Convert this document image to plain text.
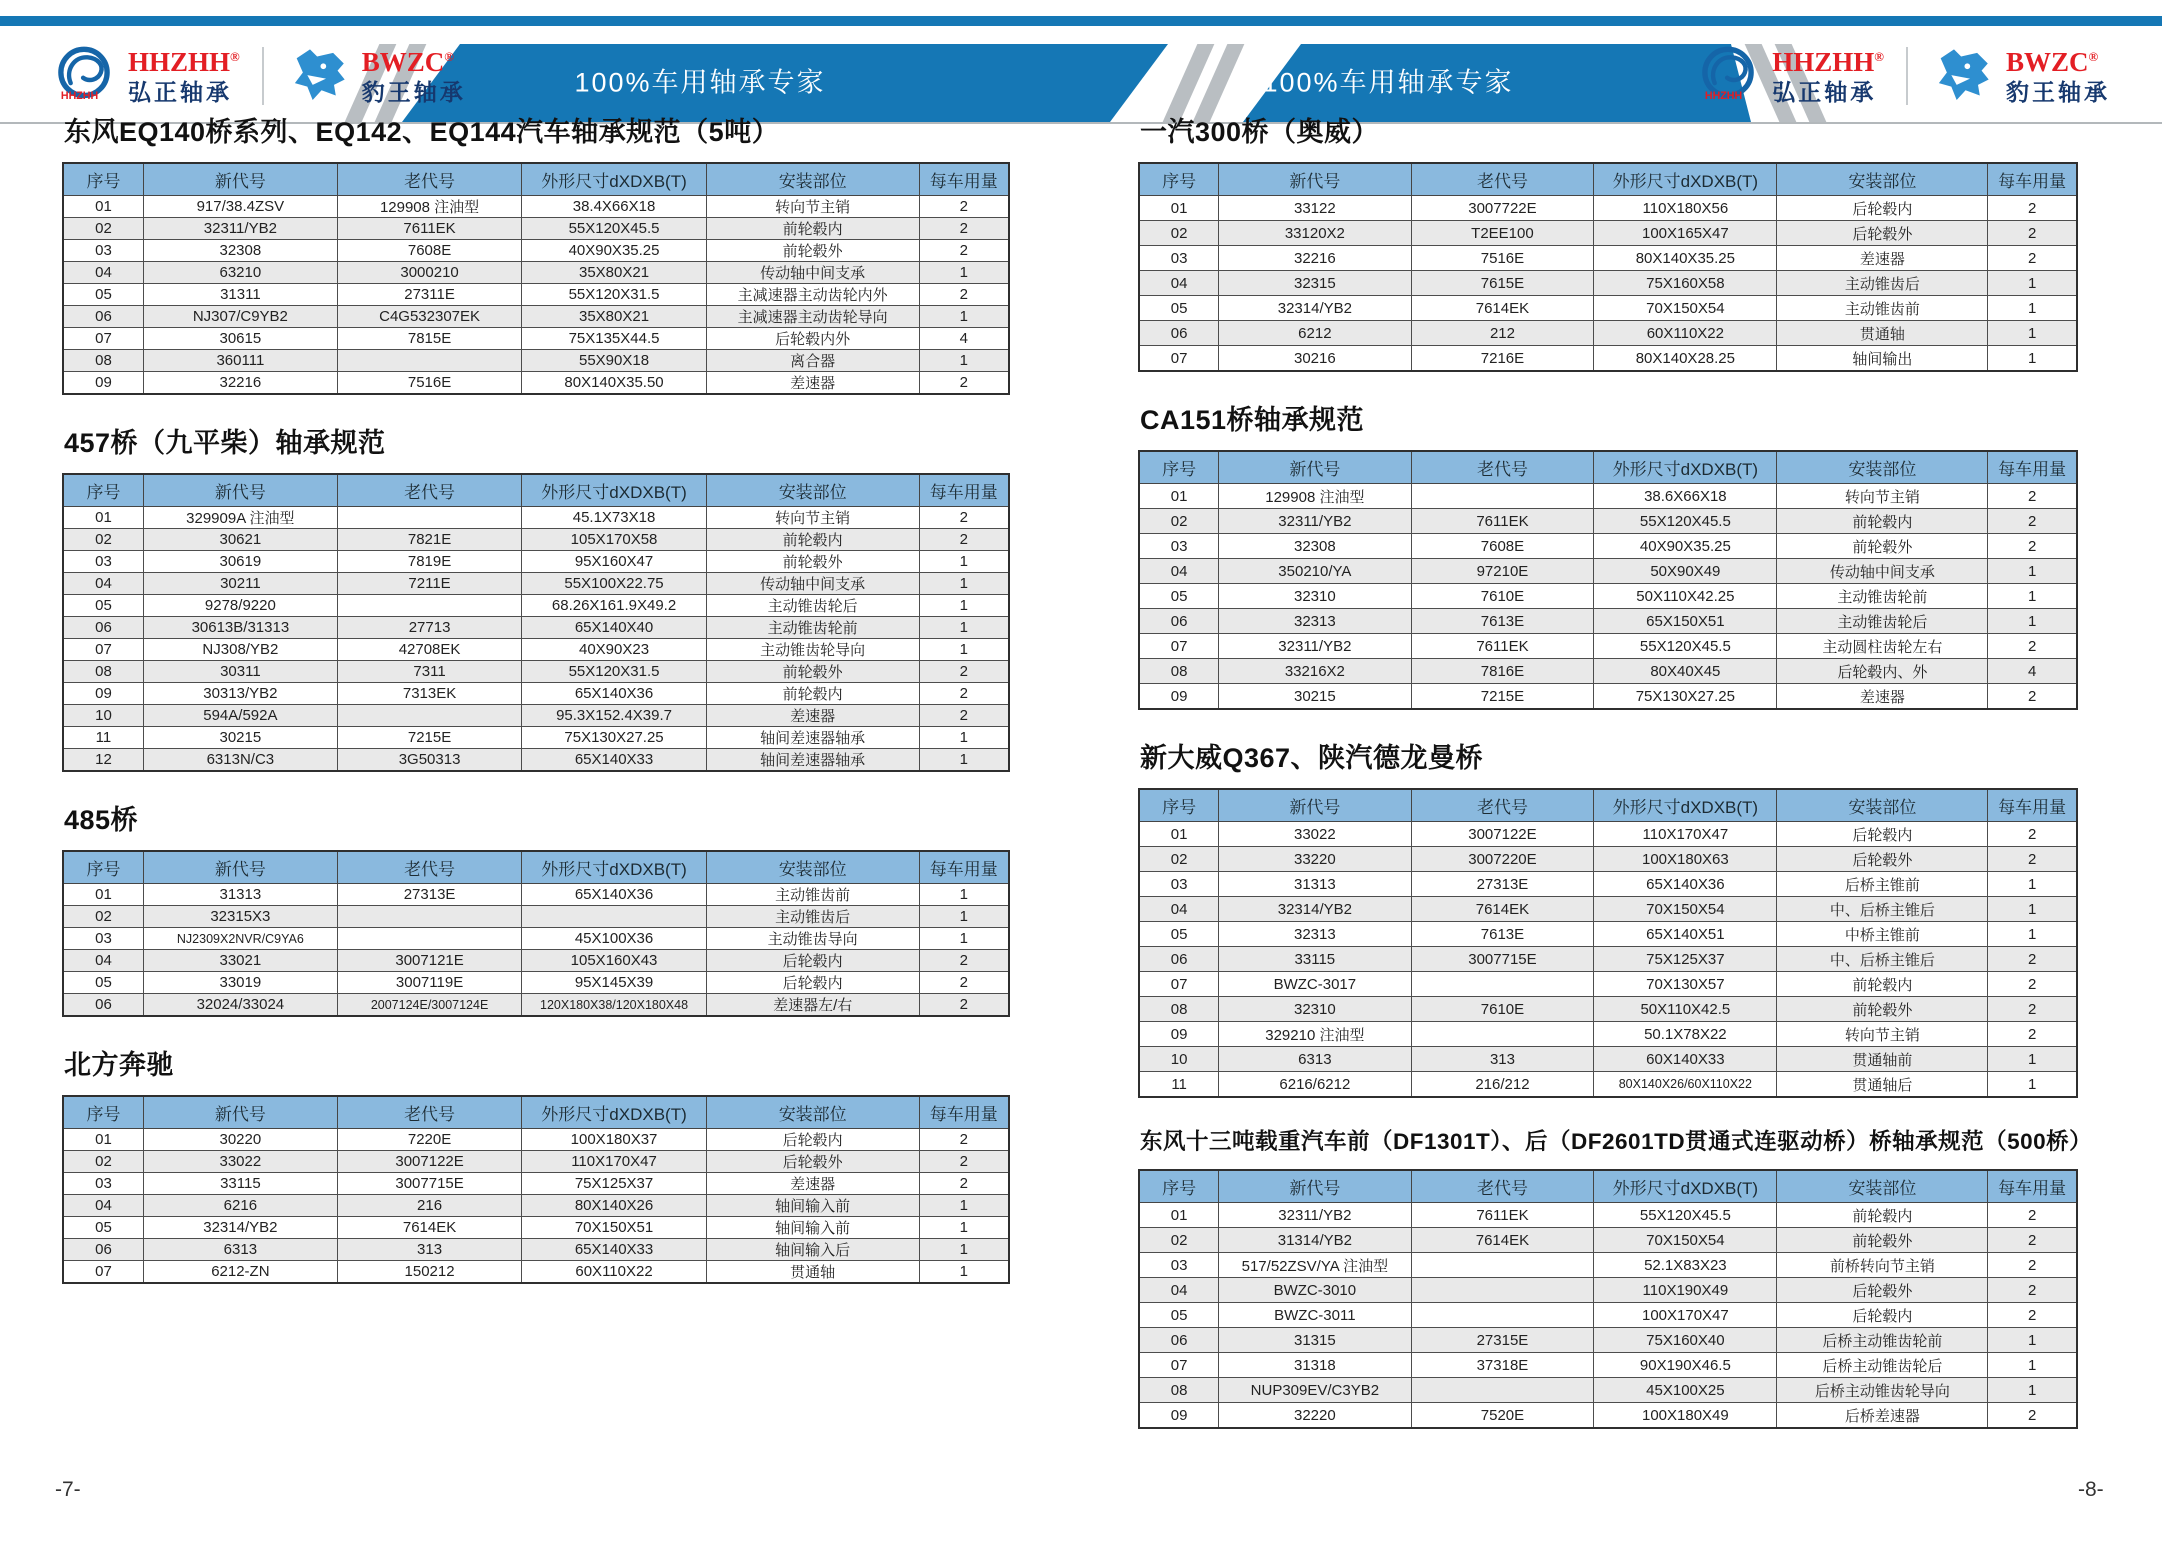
100%车用轴承专家	100%车用轴承专家
HHZHH
HHZHH®
弘正轴承
BWZC®
豹王轴承	HHZHH
HHZHH®
弘正轴承
BWZC®
豹王轴承
东风EQ140桥系列、EQ142、EQ144汽车轴承规范（5吨）
序号	新代号	老代号	外形尺寸dXDXB(T)	安装部位	每车用量
01	917/38.4ZSV	129908 注油型	38.4X66X18	转向节主销	2
02	32311/YB2	7611EK	55X120X45.5	前轮毂内	2
03	32308	7608E	40X90X35.25	前轮毂外	2
04	63210	3000210	35X80X21	传动轴中间支承	1
05	31311	27311E	55X120X31.5	主减速器主动齿轮内外	2
06	NJ307/C9YB2	C4G532307EK	35X80X21	主减速器主动齿轮导向	1
07	30615	7815E	75X135X44.5	后轮毂内外	4
08	360111		55X90X18	离合器	1
09	32216	7516E	80X140X35.50	差速器	2
457桥（九平柴）轴承规范
序号	新代号	老代号	外形尺寸dXDXB(T)	安装部位	每车用量
01	329909A 注油型		45.1X73X18	转向节主销	2
02	30621	7821E	105X170X58	前轮毂内	2
03	30619	7819E	95X160X47	前轮毂外	1
04	30211	7211E	55X100X22.75	传动轴中间支承	1
05	9278/9220		68.26X161.9X49.2	主动锥齿轮后	1
06	30613B/31313	27713	65X140X40	主动锥齿轮前	1
07	NJ308/YB2	42708EK	40X90X23	主动锥齿轮导向	1
08	30311	7311	55X120X31.5	前轮毂外	2
09	30313/YB2	7313EK	65X140X36	前轮毂内	2
10	594A/592A		95.3X152.4X39.7	差速器	2
11	30215	7215E	75X130X27.25	轴间差速器轴承	1
12	6313N/C3	3G50313	65X140X33	轴间差速器轴承	1
485桥
序号	新代号	老代号	外形尺寸dXDXB(T)	安装部位	每车用量
01	31313	27313E	65X140X36	主动锥齿前	1
02	32315X3			主动锥齿后	1
03	NJ2309X2NVR/C9YA6		45X100X36	主动锥齿导向	1
04	33021	3007121E	105X160X43	后轮毂内	2
05	33019	3007119E	95X145X39	后轮毂内	2
06	32024/33024	2007124E/3007124E	120X180X38/120X180X48	差速器左/右	2
北方奔驰
序号	新代号	老代号	外形尺寸dXDXB(T)	安装部位	每车用量
01	30220	7220E	100X180X37	后轮毂内	2
02	33022	3007122E	110X170X47	后轮毂外	2
03	33115	3007715E	75X125X37	差速器	2
04	6216	216	80X140X26	轴间输入前	1
05	32314/YB2	7614EK	70X150X51	轴间输入前	1
06	6313	313	65X140X33	轴间输入后	1
07	6212-ZN	150212	60X110X22	贯通轴	1
一汽300桥（奥威）
序号	新代号	老代号	外形尺寸dXDXB(T)	安装部位	每车用量
01	33122	3007722E	110X180X56	后轮毂内	2
02	33120X2	T2EE100	100X165X47	后轮毂外	2
03	32216	7516E	80X140X35.25	差速器	2
04	32315	7615E	75X160X58	主动锥齿后	1
05	32314/YB2	7614EK	70X150X54	主动锥齿前	1
06	6212	212	60X110X22	贯通轴	1
07	30216	7216E	80X140X28.25	轴间输出	1
CA151桥轴承规范
序号	新代号	老代号	外形尺寸dXDXB(T)	安装部位	每车用量
01	129908 注油型		38.6X66X18	转向节主销	2
02	32311/YB2	7611EK	55X120X45.5	前轮毂内	2
03	32308	7608E	40X90X35.25	前轮毂外	2
04	350210/YA	97210E	50X90X49	传动轴中间支承	1
05	32310	7610E	50X110X42.25	主动锥齿轮前	1
06	32313	7613E	65X150X51	主动锥齿轮后	1
07	32311/YB2	7611EK	55X120X45.5	主动圆柱齿轮左右	2
08	33216X2	7816E	80X40X45	后轮毂内、外	4
09	30215	7215E	75X130X27.25	差速器	2
新大威Q367、陕汽德龙曼桥
序号	新代号	老代号	外形尺寸dXDXB(T)	安装部位	每车用量
01	33022	3007122E	110X170X47	后轮毂内	2
02	33220	3007220E	100X180X63	后轮毂外	2
03	31313	27313E	65X140X36	后桥主锥前	1
04	32314/YB2	7614EK	70X150X54	中、后桥主锥后	1
05	32313	7613E	65X140X51	中桥主锥前	1
06	33115	3007715E	75X125X37	中、后桥主锥后	2
07	BWZC-3017		70X130X57	前轮毂内	2
08	32310	7610E	50X110X42.5	前轮毂外	2
09	329210 注油型		50.1X78X22	转向节主销	2
10	6313	313	60X140X33	贯通轴前	1
11	6216/6212	216/212	80X140X26/60X110X22	贯通轴后	1
东风十三吨载重汽车前（DF1301T）、后（DF2601TD贯通式连驱动桥）桥轴承规范（500桥）
序号	新代号	老代号	外形尺寸dXDXB(T)	安装部位	每车用量
01	32311/YB2	7611EK	55X120X45.5	前轮毂内	2
02	31314/YB2	7614EK	70X150X54	前轮毂外	2
03	517/52ZSV/YA 注油型		52.1X83X23	前桥转向节主销	2
04	BWZC-3010		110X190X49	后轮毂外	2
05	BWZC-3011		100X170X47	后轮毂内	2
06	31315	27315E	75X160X40	后桥主动锥齿轮前	1
07	31318	37318E	90X190X46.5	后桥主动锥齿轮后	1
08	NUP309EV/C3YB2		45X100X25	后桥主动锥齿轮导向	1
09	32220	7520E	100X180X49	后桥差速器	2
-7-	-8-
